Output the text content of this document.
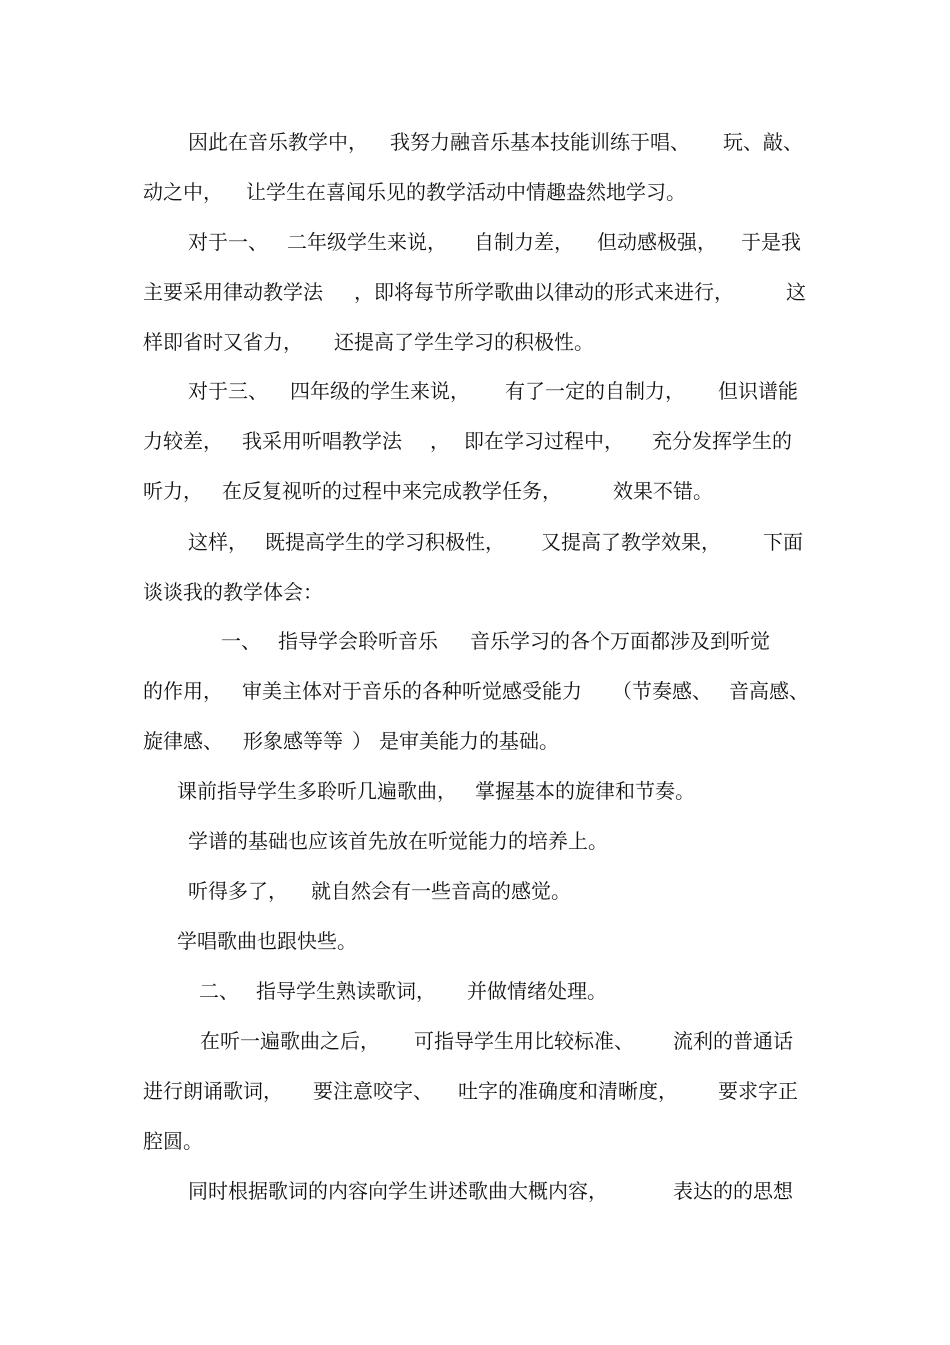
因此在音乐教学中， 我努力融音乐基本技能训练于唱、 玩、敲、
动之中， 让学生在喜闻乐见的教学活动中情趣盎然地学习。
对于一、 二年级学生来说， 自制力差， 但动感极强， 于是我
主要采用律动教学法 ，即将每节所学歌曲以律动的形式来进行，	这
样即省时又省力， 还提高了学生学习的积极性。
对于三、 四年级的学生来说， 有了一定的自制力， 但识谱能
力较差， 我采用听唱教学法 ， 即在学习过程中， 充分发挥学生的
听力， 在反复视听的过程中来完成教学任务，	效果不错。
这样， 既提高学生的学习积极性， 又提高了教学效果， 下面
谈谈我的教学体会：
一、 指导学会聆听音乐 音乐学习的各个万面都涉及到听觉
的作用， 审美主体对于音乐的各种听觉感受能力 （节奏感、 音高感、
旋律感、 形象感等等 ） 是审美能力的基础。
课前指导学生多聆听几遍歌曲， 掌握基本的旋律和节奏。
学谱的基础也应该首先放在听觉能力的培养上。
听得多了， 就自然会有一些音高的感觉。
学唱歌曲也跟快些。
二、 指导学生熟读歌词， 并做情绪处理。
在听一遍歌曲之后， 可指导学生用比较标准、 流利的普通话
进行朗诵歌词， 要注意咬字、 吐字的准确度和清晰度， 要求字正
腔圆。
同时根据歌词的内容向学生讲述歌曲大概内容，	表达的的思想
